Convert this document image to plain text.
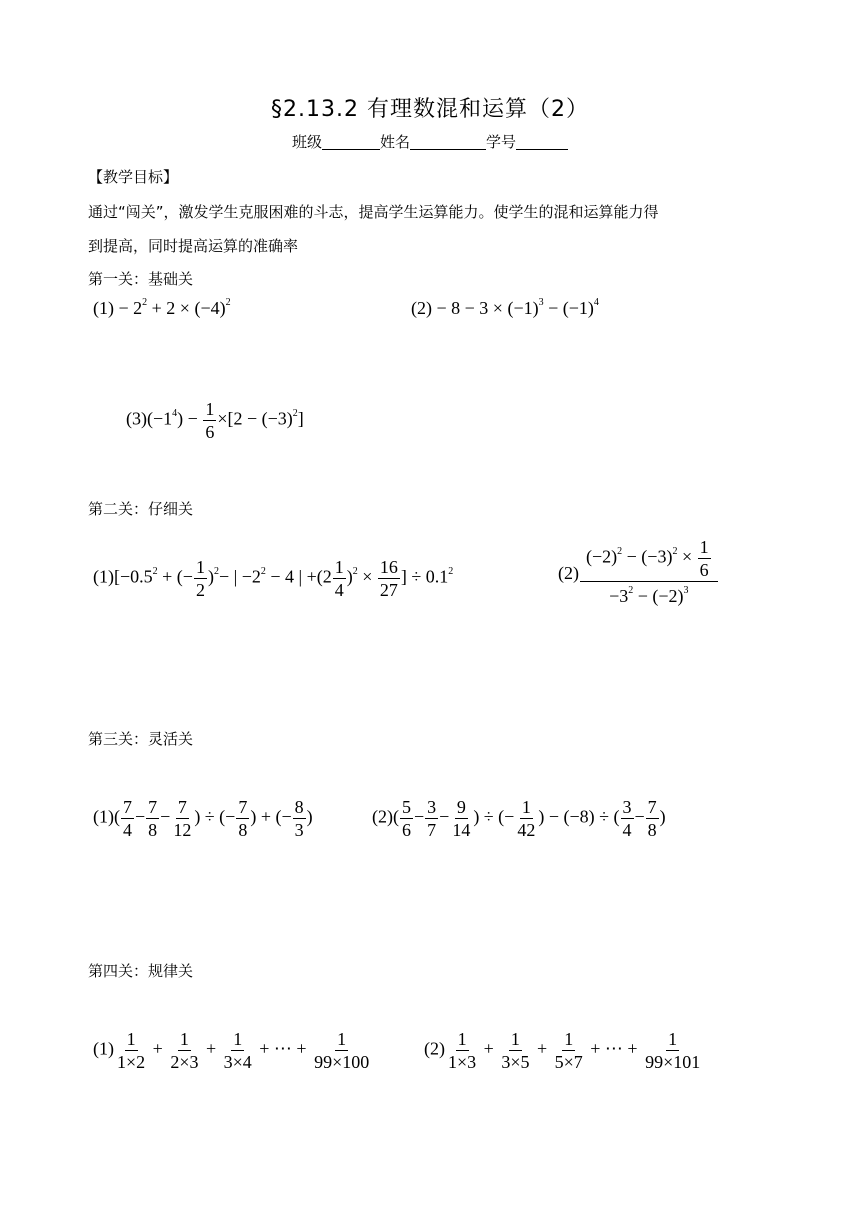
§2.13.2 有理数混和运算（2）
班级	姓名	学号
【教学目标】
通过“闯关”，激发学生克服困难的斗志，提高学生运算能力。使学生的混和运算能力得
到提高，同时提高运算的准确率
第一关：基础关
$(1) - 2^2 + 2 \times (-4)^2$	$(2) - 8 - 3 \times (-1)^3 - (-1)^4$
$(3)(-1^4) - \frac{1}{6} \times[2 - (-3)^2]$
第二关：仔细关
$(1)[-0.5^2$ + (− $\frac{1}{2} )^2-$ | $-2^2 - 4$ | $+(2 \frac{1}{4} )^2 \times \frac{16}{27}$ ] ÷ $0.1^2$	$(2) \frac{(-2)^2 - (-3)^2 \times \frac{1}{6}}{-3^2 - (-2)^3}$
第三关：灵活关
$(1)( \frac{7}{4} - \frac{7}{8} - \frac{7}{12}$ ) ÷ (− $\frac{7}{8}$ ) + (− $\frac{8}{3}$ )	$(2)( \frac{5}{6} - \frac{3}{7} - \frac{9}{14}$ ) ÷ (− $\frac{1}{42}$ ) − (−8) ÷ ( $\frac{3}{4} - \frac{7}{8}$ )
第四关：规律关
$(1) \frac{1}{1\times 2} + \frac{1}{2\times 3} + \frac{1}{3\times 4}$ + ⋯ + $\frac{1}{99\times 100}$	$(2) \frac{1}{1\times 3} + \frac{1}{3\times 5} + \frac{1}{5\times 7}$ + ⋯ + $\frac{1}{99\times 101}$
